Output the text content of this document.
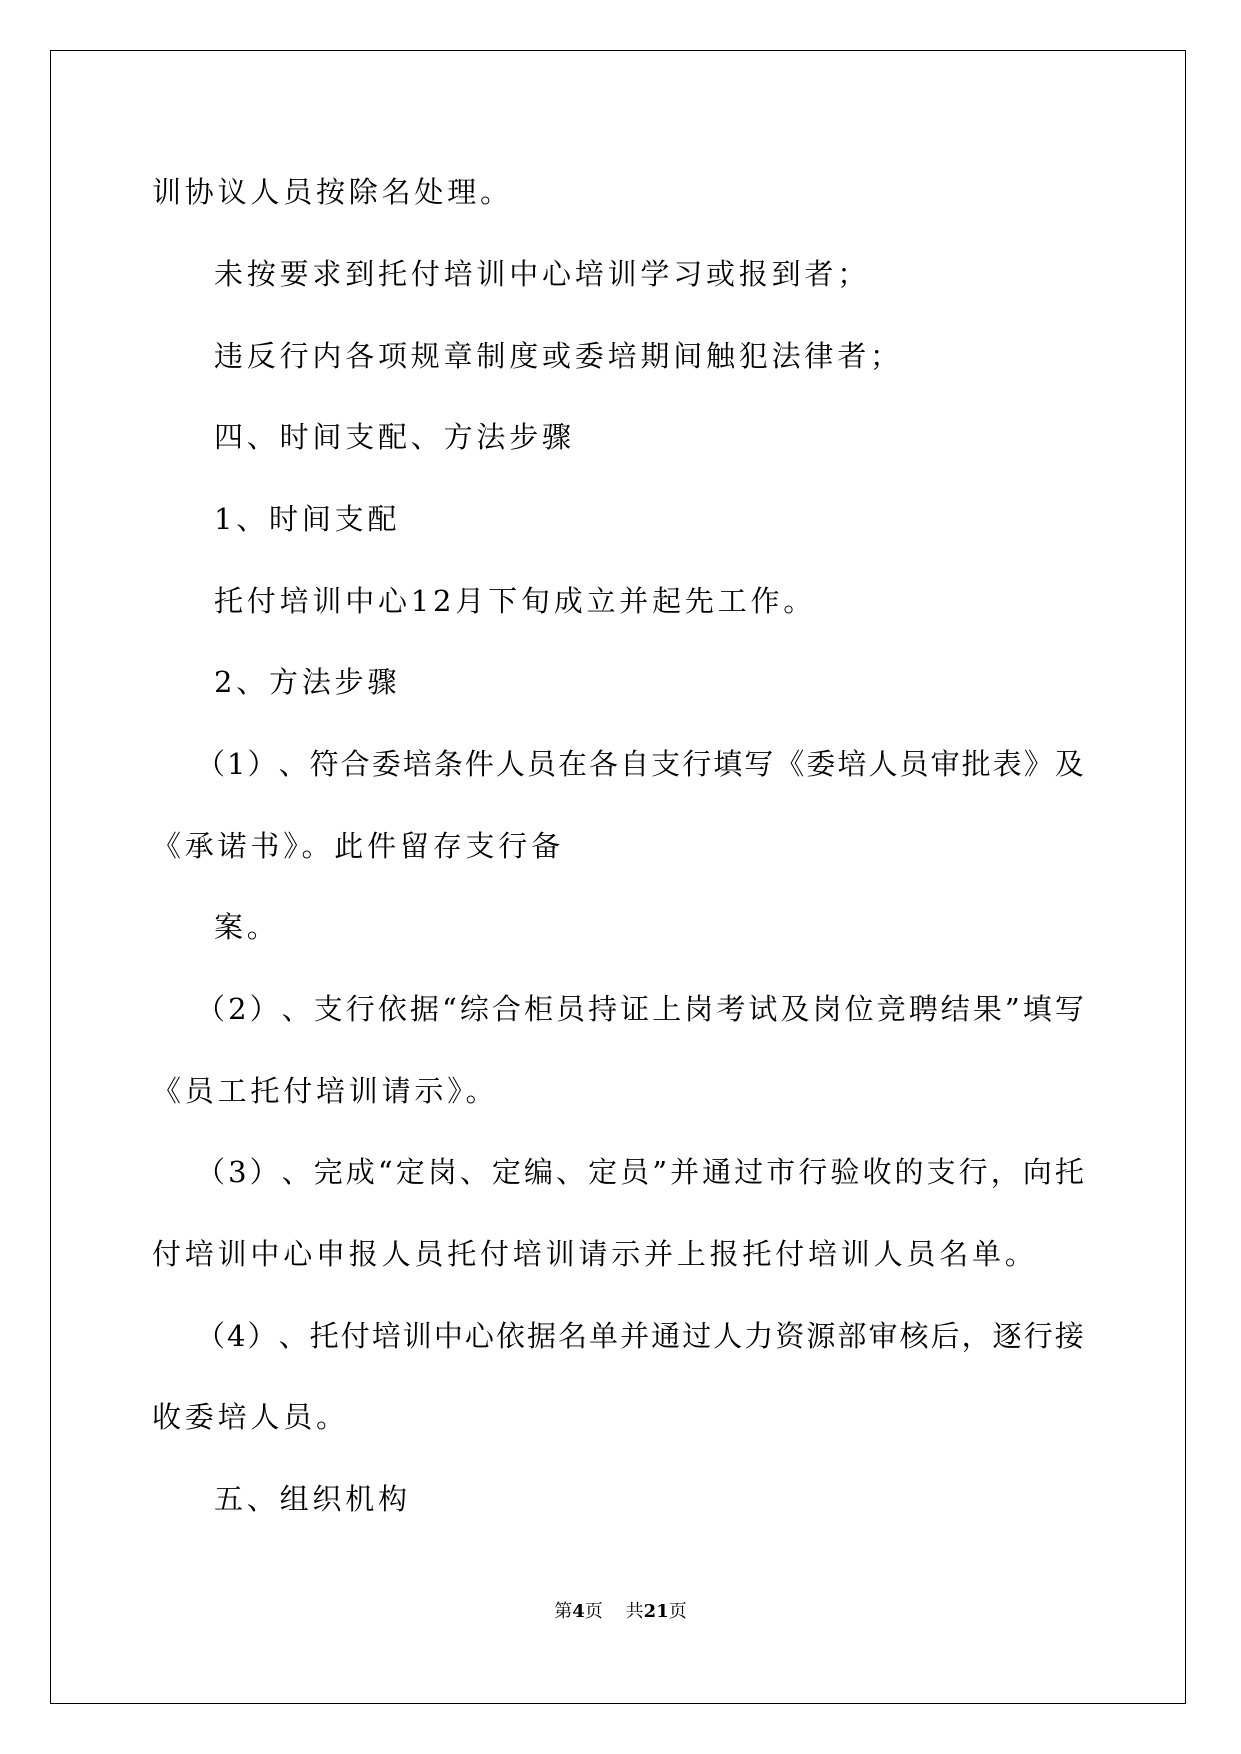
训协议人员按除名处理。
未按要求到托付培训中心培训学习或报到者；
违反行内各项规章制度或委培期间触犯法律者；
四、时间支配、方法步骤
1、时间支配
托付培训中心12月下旬成立并起先工作。
2、方法步骤
（ 1 ） 、 符 合 委 培 条 件 人 员 在 各 自 支 行 填 写 《 委 培 人 员 审 批 表 》 及
《承诺书》。此件留存支行备
案。
（ 2 ） 、 支 行 依 据 “ 综 合 柜 员 持 证 上 岗 考 试 及 岗 位 竞 聘 结 果 ” 填 写
《员工托付培训请示》。
（ 3 ） 、 完 成 “ 定 岗 、 定 编 、 定 员 ” 并 通 过 市 行 验 收 的 支 行 ， 向 托
付培训中心申报人员托付培训请示并上报托付培训人员名单。
（ 4 ） 、 托 付 培 训 中 心 依 据 名 单 并 通 过 人 力 资 源 部 审 核 后 ， 逐 行 接
收委培人员。
五、组织机构
第4页 共21页
